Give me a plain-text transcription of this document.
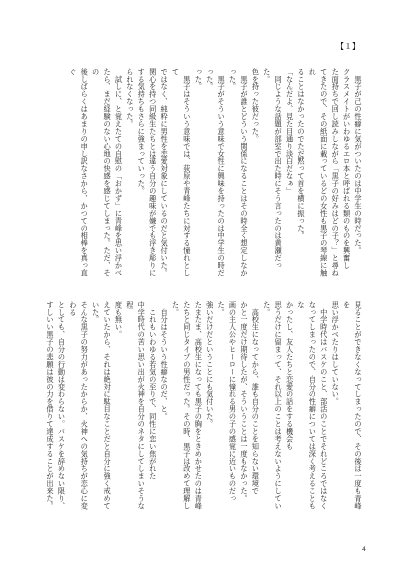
【１】
　黒子が己の性癖に気がついたのは中学生の時だった。
クラスメイトがいわゆるエロ本と呼ばれる類のものを興奮し
た面持ちで回し読みしながら「黒子の好みはどの子？」と尋ね
てきたので、その紙面に載っているどの女性も黒子の琴線に触れ
ることはなかったのでただ黙って首を横に振った。
「なんだよ、見た目通り淡白だなぁ」
　同じような話題が部室で出た時にそう言ったのは黄瀬だった。
色を持った彼だった。
　黒子が誰とどういう関係になることはその時全く想定しなかった。
　黒子がそういう意味で女性に興味を持ったのは中学生の時だった。
った。
　黒子はそういう意味では、荻原や青峰たちに対する憧れとして
ではなく、純粋に男性を恋愛対象にしているのだと気付いた。
関心を持つ同級生たちとは違う自分の趣味が嫌でも浮き彫りに
する気持ちもさらに強まっていった。
られなくなった。
　試しに、と覚えたての自慰の「おかず」に青峰を思い浮かべ
たら、まだ経験のない心地の快感を感じてしまった。ただ、その
後しばらくはあまりの申し訳なさから、かつての相棒を真っ直ぐ
見ることができなくなってしまったので、その後は一度も青峰を
思い浮かべたりはしていない。
　中学時代はバスケのこと、部活のことでそれどころではなく
なってしまったので、自分の性癖については深く考えることもな
かったし、友人たちと恋愛の話をする機会も
思うだけに留まって、それ以上のことは考えないようにしていた。
　高校生になってから、誰も自分のことを知らない環境で
かと一度だけ期待したが、そういうことは一度もなかった。
画の主人公やヒーローに憧れる男の子の感覚に近いものだった。
強いだけだということにも気付いた。
たまたま、高校生になっても黒子の胸をときめかせたのは青峰
たちと同じタイプの男性だった。その時、黒子は改めて理解した。
　自分はそういう性癖なのだ、と。
　これもいわゆる若気の至りで、同性に恋い焦がれた
中学時代の苦い思い出が火神を自分のネタにしてしまいそうな程
度も無い。
えていたから、それは絶対に駄目なことだと自分に強く戒めていた。
そんな黒子の努力があったからか、火神への気持ちが恋心に変わる
としても、自分の行動は変わらない。バスケを辞めない限り、
すしいい黒子の悲願は彼の力を借りて達成することが出来た。
4
